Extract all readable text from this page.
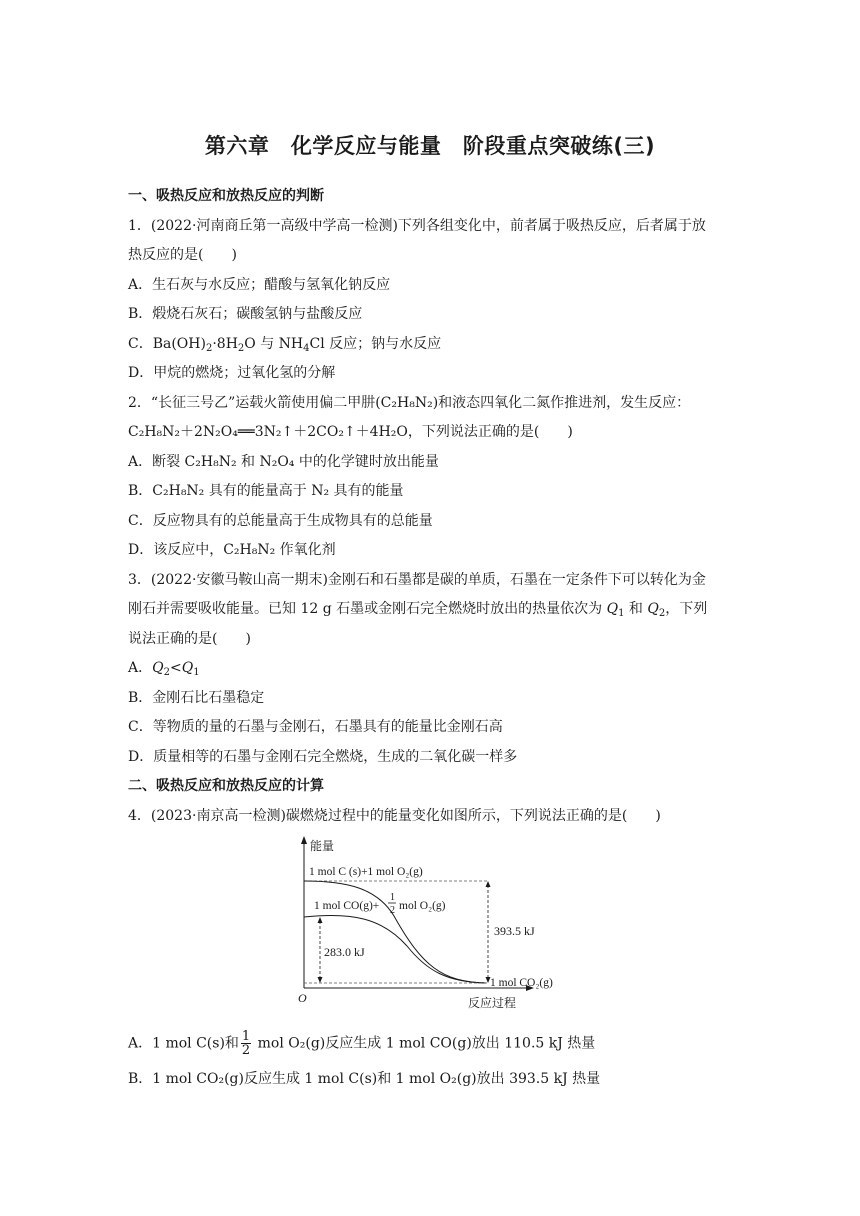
第六章　化学反应与能量　阶段重点突破练(三)
一、吸热反应和放热反应的判断
1．(2022·河南商丘第一高级中学高一检测)下列各组变化中，前者属于吸热反应，后者属于放
热反应的是(　　)
A．生石灰与水反应；醋酸与氢氧化钠反应
B．煅烧石灰石；碳酸氢钠与盐酸反应
C．$Ba(OH)_2\cdot 8H_2O$ 与 $NH_4Cl$ 反应；钠与水反应
D．甲烷的燃烧；过氧化氢的分解
2．“长征三号乙”运载火箭使用偏二甲肼(C₂H₈N₂)和液态四氧化二氮作推进剂，发生反应：
C₂H₈N₂＋2N₂O₄══3N₂↑＋2CO₂↑＋4H₂O，下列说法正确的是(　　)
A．断裂 C₂H₈N₂ 和 N₂O₄ 中的化学键时放出能量
B．C₂H₈N₂ 具有的能量高于 N₂ 具有的能量
C．反应物具有的总能量高于生成物具有的总能量
D．该反应中，C₂H₈N₂ 作氧化剂
3．(2022·安徽马鞍山高一期末)金刚石和石墨都是碳的单质，石墨在一定条件下可以转化为金
刚石并需要吸收能量。已知 12 g 石墨或金刚石完全燃烧时放出的热量依次为 $Q_1$ 和 $Q_2$，下列
说法正确的是(　　)
A．$Q_2<Q_1$
B．金刚石比石墨稳定
C．等物质的量的石墨与金刚石，石墨具有的能量比金刚石高
D．质量相等的石墨与金刚石完全燃烧，生成的二氧化碳一样多
二、吸热反应和放热反应的计算
4．(2023·南京高一检测)碳燃烧过程中的能量变化如图所示，下列说法正确的是(　　)
能量
O	反应过程
1 mol C (s)+1 mol O₂(g)
1 mol CO(g)+
1
2 mol O₂(g)
1 mol CO₂(g)
393.5 kJ
283.0 kJ
A．1 mol C(s)和 $\frac{1}{2}$ mol O₂(g)反应生成 1 mol CO(g)放出 110.5 kJ 热量
B．1 mol CO₂(g)反应生成 1 mol C(s)和 1 mol O₂(g)放出 393.5 kJ 热量
